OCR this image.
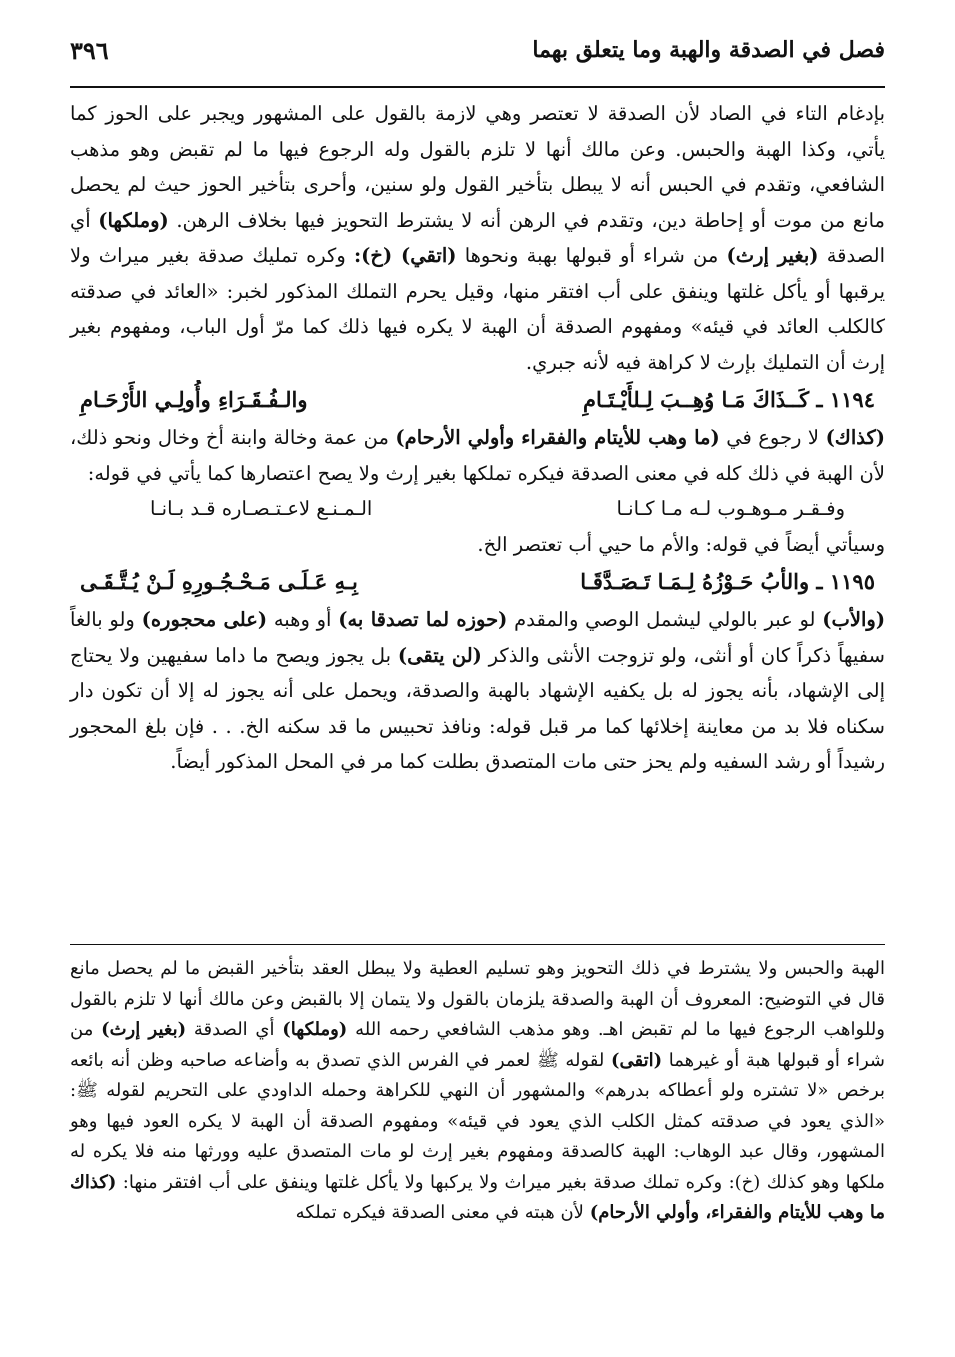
فصل في الصدقة والهبة وما يتعلق بهما
٣٩٦

بإدغام التاء في الصاد لأن الصدقة لا تعتصر وهي لازمة بالقول على المشهور ويجبر على الحوز كما يأتي، وكذا الهبة والحبس. وعن مالك أنها لا تلزم بالقول وله الرجوع فيها ما لم تقبض وهو مذهب الشافعي، وتقدم في الحبس أنه لا يبطل بتأخير القول ولو سنين، وأحرى بتأخير الحوز حيث لم يحصل مانع من موت أو إحاطة دين، وتقدم في الرهن أنه لا يشترط التحويز فيها بخلاف الرهن. (وملكها) أي الصدقة (بغير إرث) من شراء أو قبولها بهبة ونحوها (اتقي) (خ): وكره تمليك صدقة بغير ميراث ولا يرقبها أو يأكل غلتها وينفق على أب افتقر منها، وقيل يحرم التملك المذكور لخبر: «العائد في صدقته كالكلب العائد في قيئه» ومفهوم الصدقة أن الهبة لا يكره فيها ذلك كما مرّ أول الباب، ومفهوم بغير إرث أن التمليك بإرث لا كراهة فيه لأنه جبري.

١١٩٤ ـ كَــذَاكَ مَـا وُهِــبَ لِـلأَيْـتَـامِ
والـفُـقَـرَاءِ وأُولِـي الأَرْحَـامِ

(كذاك) لا رجوع في (ما وهب للأيتام والفقراء وأولي الأرحام) من عمة وخالة وابنة أخ وخال ونحو ذلك، لأن الهبة في ذلك كله في معنى الصدقة فيكره تملكها بغير إرث ولا يصح اعتصارها كما يأتي في قوله:

وفـقـر مـوهـوب لـه مـا كـانـا
الـمـنـع لاعـتـصـاره قـد بـانـا

وسيأتي أيضاً في قوله: والأم ما حيي أب تعتصر الخ.

١١٩٥ ـ والأبُ حَـوْزُهُ لِـمَـا تَـصَـدَّقَـا
بِـهِ عَـلَـى مَـحْـجُـورِهِ لَـنْ يُـتَّـقَـى

(والأب) لو عبر بالولي ليشمل الوصي والمقدم (حوزه لما تصدقا به) أو وهبه (على محجوره) ولو بالغاً سفيهاً ذكراً كان أو أنثى، ولو تزوجت الأنثى والذكر (لن يتقى) بل يجوز ويصح ما داما سفيهين ولا يحتاج إلى الإشهاد، بأنه يجوز له بل يكفيه الإشهاد بالهبة والصدقة، ويحمل على أنه يجوز له إلا أن تكون دار سكناه فلا بد من معاينة إخلائها كما مر قبل قوله: ونافذ تحبيس ما قد سكنه الخ. . . فإن بلغ المحجور رشيداً أو رشد السفيه ولم يحز حتى مات المتصدق بطلت كما مر في المحل المذكور أيضاً.

الهبة والحبس ولا يشترط في ذلك التحويز وهو تسليم العطية ولا يبطل العقد بتأخير القبض ما لم يحصل مانع قال في التوضيح: المعروف أن الهبة والصدقة يلزمان بالقول ولا يتمان إلا بالقبض وعن مالك أنها لا تلزم بالقول وللواهب الرجوع فيها ما لم تقبض اهـ. وهو مذهب الشافعي رحمه الله (وملكها) أي الصدقة (بغير إرث) من شراء أو قبولها هبة أو غيرهما (اتقى) لقوله ﷺ لعمر في الفرس الذي تصدق به وأضاعه صاحبه وظن أنه بائعه برخص «لا تشتره ولو أعطاكه بدرهم» والمشهور أن النهي للكراهة وحمله الداودي على التحريم لقوله ﷺ: «الذي يعود في صدقته كمثل الكلب الذي يعود في قيئه» ومفهوم الصدقة أن الهبة لا يكره العود فيها وهو المشهور، وقال عبد الوهاب: الهبة كالصدقة ومفهوم بغير إرث لو مات المتصدق عليه وورثها منه فلا يكره له ملكها وهو كذلك (خ): وكره تملك صدقة بغير ميراث ولا يركبها ولا يأكل غلتها وينفق على أب افتقر منها: (كذاك ما وهب للأيتام والفقراء، وأولي الأرحام) لأن هبته في معنى الصدقة فيكره تملكه
